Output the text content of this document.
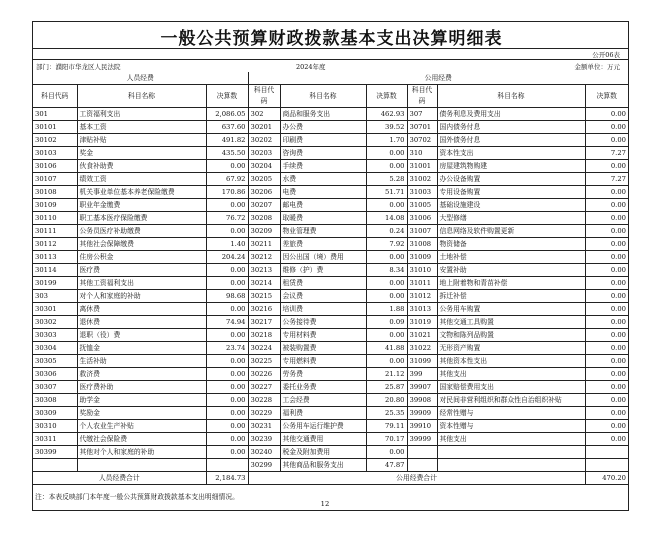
一般公共预算财政拨款基本支出决算明细表
公开06表
部门：濮阳市华龙区人民法院	2024年度	金额单位：万元
人员经费			公用经费					
科目代码	科目名称	决算数	科目代码	科目名称	决算数	科目代码	科目名称	决算数
301	工资福利支出	2,086.05	302	商品和服务支出	462.93	307	债务利息及费用支出	0.00
30101	基本工资	637.60	30201	办公费	39.52	30701	国内债务付息	0.00
30102	津贴补贴	491.82	30202	印刷费	1.70	30702	国外债务付息	0.00
30103	奖金	435.50	30203	咨询费	0.00	310	资本性支出	7.27
30106	伙食补助费	0.00	30204	手续费	0.00	31001	房屋建筑物购建	0.00
30107	绩效工资	67.92	30205	水费	5.28	31002	办公设备购置	7.27
30108	机关事业单位基本养老保险缴费	170.86	30206	电费	51.71	31003	专用设备购置	0.00
30109	职业年金缴费	0.00	30207	邮电费	0.00	31005	基础设施建设	0.00
30110	职工基本医疗保险缴费	76.72	30208	取暖费	14.08	31006	大型修缮	0.00
30111	公务员医疗补助缴费	0.00	30209	物业管理费	0.24	31007	信息网络及软件购置更新	0.00
30112	其他社会保障缴费	1.40	30211	差旅费	7.92	31008	物资储备	0.00
30113	住房公积金	204.24	30212	因公出国（境）费用	0.00	31009	土地补偿	0.00
30114	医疗费	0.00	30213	维修（护）费	8.34	31010	安置补助	0.00
30199	其他工资福利支出	0.00	30214	租赁费	0.00	31011	地上附着物和青苗补偿	0.00
303	对个人和家庭的补助	98.68	30215	会议费	0.00	31012	拆迁补偿	0.00
30301	离休费	0.00	30216	培训费	1.88	31013	公务用车购置	0.00
30302	退休费	74.94	30217	公务接待费	0.09	31019	其他交通工具购置	0.00
30303	退职（役）费	0.00	30218	专用材料费	0.00	31021	文物和陈列品购置	0.00
30304	抚恤金	23.74	30224	被装购置费	41.88	31022	无形资产购置	0.00
30305	生活补助	0.00	30225	专用燃料费	0.00	31099	其他资本性支出	0.00
30306	救济费	0.00	30226	劳务费	21.12	399	其他支出	0.00
30307	医疗费补助	0.00	30227	委托业务费	25.87	39907	国家赔偿费用支出	0.00
30308	助学金	0.00	30228	工会经费	20.80	39908	对民间非营利组织和群众性自治组织补贴	0.00
30309	奖励金	0.00	30229	福利费	25.35	39909	经常性赠与	0.00
30310	个人农业生产补贴	0.00	30231	公务用车运行维护费	79.11	39910	资本性赠与	0.00
30311	代缴社会保险费	0.00	30239	其他交通费用	70.17	39999	其他支出	0.00
30399	其他对个人和家庭的补助	0.00	30240	税金及附加费用	0.00			
			30299	其他商品和服务支出	47.87			
人员经费合计		2,184.73	公用经费合计					470.20
注：本表反映部门本年度一般公共预算财政拨款基本支出明细情况。
12
